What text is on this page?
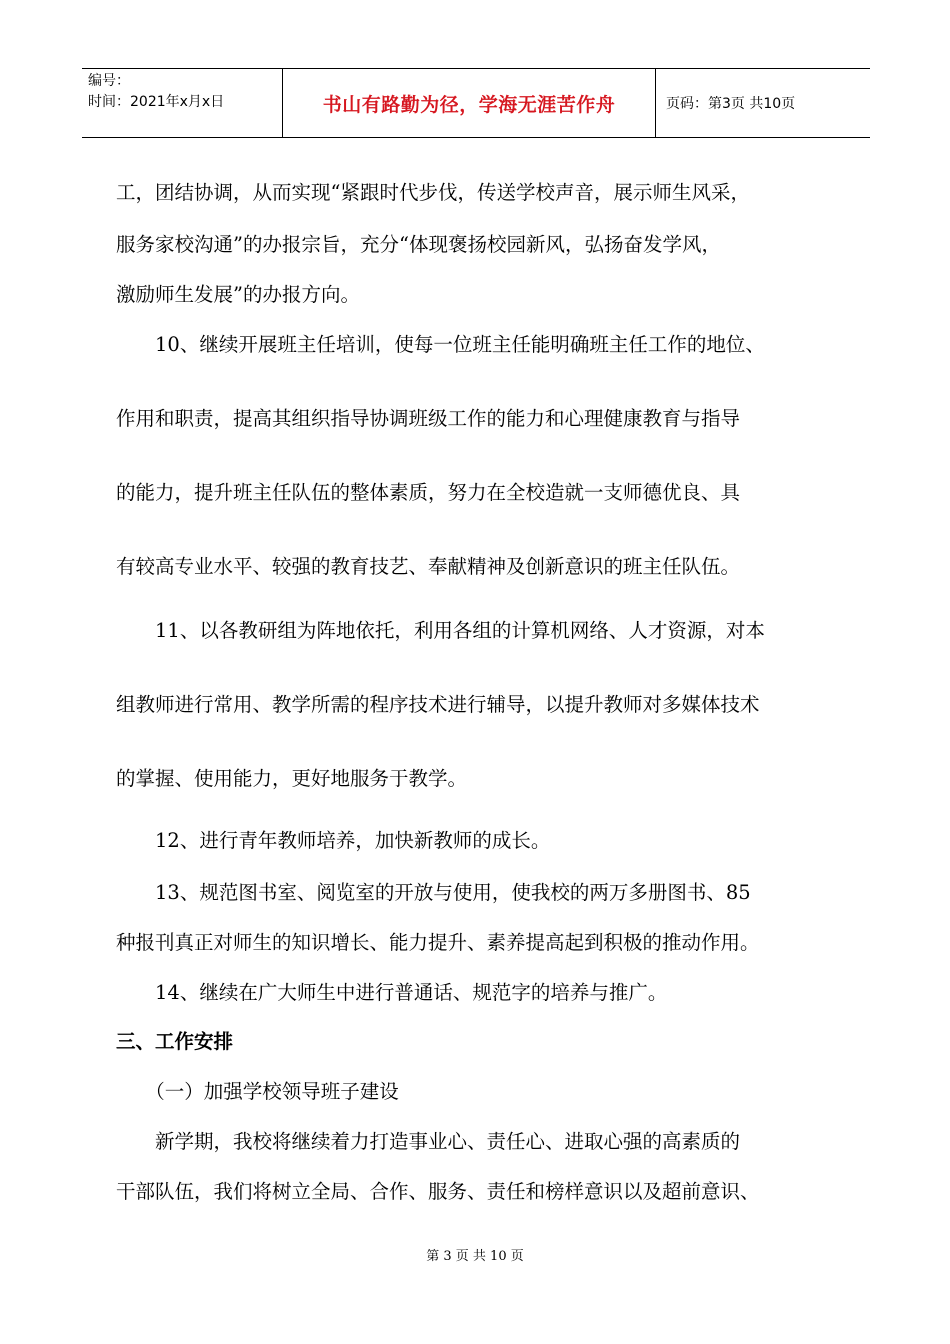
编号：
时间：2021年x月x日	书山有路勤为径，学海无涯苦作舟	页码：第3页 共10页
工，团结协调，从而实现“紧跟时代步伐，传送学校声音，展示师生风采，
服务家校沟通”的办报宗旨，充分“体现褒扬校园新风，弘扬奋发学风，
激励师生发展”的办报方向。
　　10、继续开展班主任培训，使每一位班主任能明确班主任工作的地位、
作用和职责，提高其组织指导协调班级工作的能力和心理健康教育与指导
的能力，提升班主任队伍的整体素质，努力在全校造就一支师德优良、具
有较高专业水平、较强的教育技艺、奉献精神及创新意识的班主任队伍。
　　11、以各教研组为阵地依托，利用各组的计算机网络、人才资源，对本
组教师进行常用、教学所需的程序技术进行辅导，以提升教师对多媒体技术
的掌握、使用能力，更好地服务于教学。
　　12、进行青年教师培养，加快新教师的成长。
　　13、规范图书室、阅览室的开放与使用，使我校的两万多册图书、85
种报刊真正对师生的知识增长、能力提升、素养提高起到积极的推动作用。
　　14、继续在广大师生中进行普通话、规范字的培养与推广。
三、工作安排
　　（一）加强学校领导班子建设
　　新学期，我校将继续着力打造事业心、责任心、进取心强的高素质的
干部队伍，我们将树立全局、合作、服务、责任和榜样意识以及超前意识、
第 3 页 共 10 页
